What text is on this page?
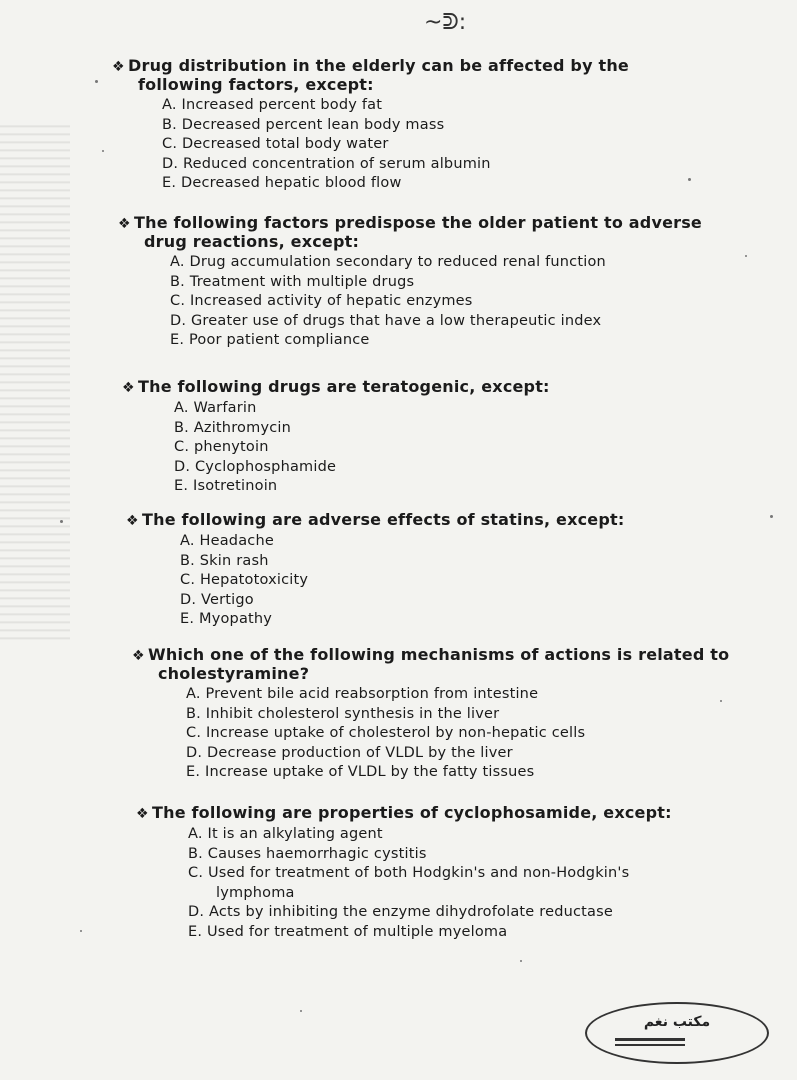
~ᕲ:
❖ Drug distribution in the elderly can be affected by the
following factors, except:
A. Increased percent body fat
B. Decreased percent lean body mass
C. Decreased total body water
D. Reduced concentration of serum albumin
E. Decreased hepatic blood flow
❖ The following factors predispose the older patient to adverse
drug reactions, except:
A. Drug accumulation secondary to reduced renal function
B. Treatment with multiple drugs
C. Increased activity of hepatic enzymes
D. Greater use of drugs that have a low therapeutic index
E. Poor patient compliance
❖ The following drugs are teratogenic, except:
A. Warfarin
B. Azithromycin
C. phenytoin
D. Cyclophosphamide
E. Isotretinoin
❖ The following are adverse effects of statins, except:
A. Headache
B. Skin rash
C. Hepatotoxicity
D. Vertigo
E. Myopathy
❖ Which one of the following mechanisms of actions is related to
cholestyramine?
A. Prevent bile acid reabsorption from intestine
B. Inhibit cholesterol synthesis in the liver
C. Increase uptake of cholesterol by non-hepatic cells
D. Decrease production of VLDL by the liver
E. Increase uptake of VLDL by the fatty tissues
❖ The following are properties of cyclophosamide, except:
A. It is an alkylating agent
B. Causes haemorrhagic cystitis
C. Used for treatment of both Hodgkin's and non-Hodgkin's
lymphoma
D. Acts by inhibiting the enzyme dihydrofolate reductase
E. Used for treatment of multiple myeloma
مكتب نغم
